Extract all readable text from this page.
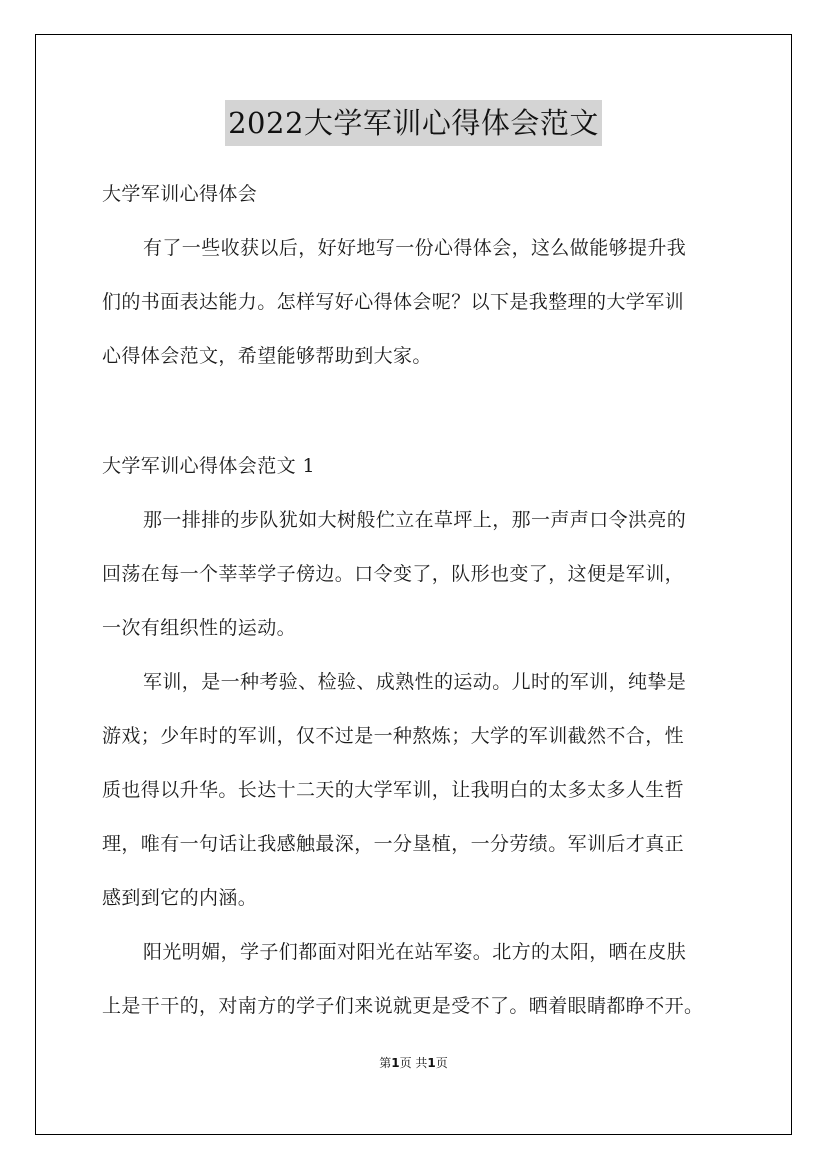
2022大学军训心得体会范文
大学军训心得体会
有了一些收获以后，好好地写一份心得体会，这么做能够提升我
们的书面表达能力。怎样写好心得体会呢？以下是我整理的大学军训
心得体会范文，希望能够帮助到大家。
大学军训心得体会范文 1
那一排排的步队犹如大树般伫立在草坪上，那一声声口令洪亮的
回荡在每一个莘莘学子傍边。口令变了，队形也变了，这便是军训，
一次有组织性的运动。
军训，是一种考验、检验、成熟性的运动。儿时的军训，纯挚是
游戏；少年时的军训，仅不过是一种熬炼；大学的军训截然不合，性
质也得以升华。长达十二天的大学军训，让我明白的太多太多人生哲
理，唯有一句话让我感触最深，一分垦植，一分劳绩。军训后才真正
感到到它的内涵。
阳光明媚，学子们都面对阳光在站军姿。北方的太阳，晒在皮肤
上是干干的，对南方的学子们来说就更是受不了。晒着眼睛都睁不开。
第1页 共1页
